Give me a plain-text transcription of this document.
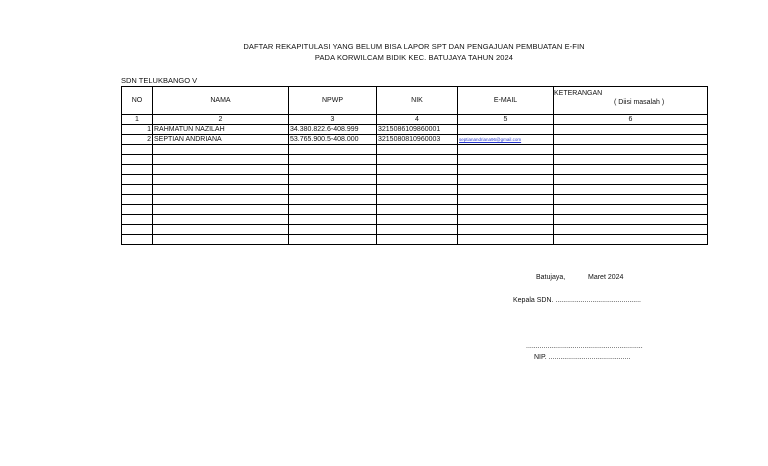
DAFTAR REKAPITULASI YANG BELUM BISA LAPOR SPT DAN PENGAJUAN PEMBUATAN E-FIN
PADA KORWILCAM BIDIK KEC. BATUJAYA TAHUN 2024
SDN TELUKBANGO V
NO	NAMA	NPWP	NIK	E-MAIL	KETERANGAN
( Diisi masalah )

1	2	3	4	5	6
1	RAHMATUN NAZILAH	34.380.822.6-408.999	3215086109860001		
2	SEPTIAN ANDRIANA	53.765.900.5-408.000	3215080810960003	septianandriana96@gmail.com	

Batujaya,	Maret 2024
Kepala SDN. ............................................
............................................................
NIP. ..........................................
